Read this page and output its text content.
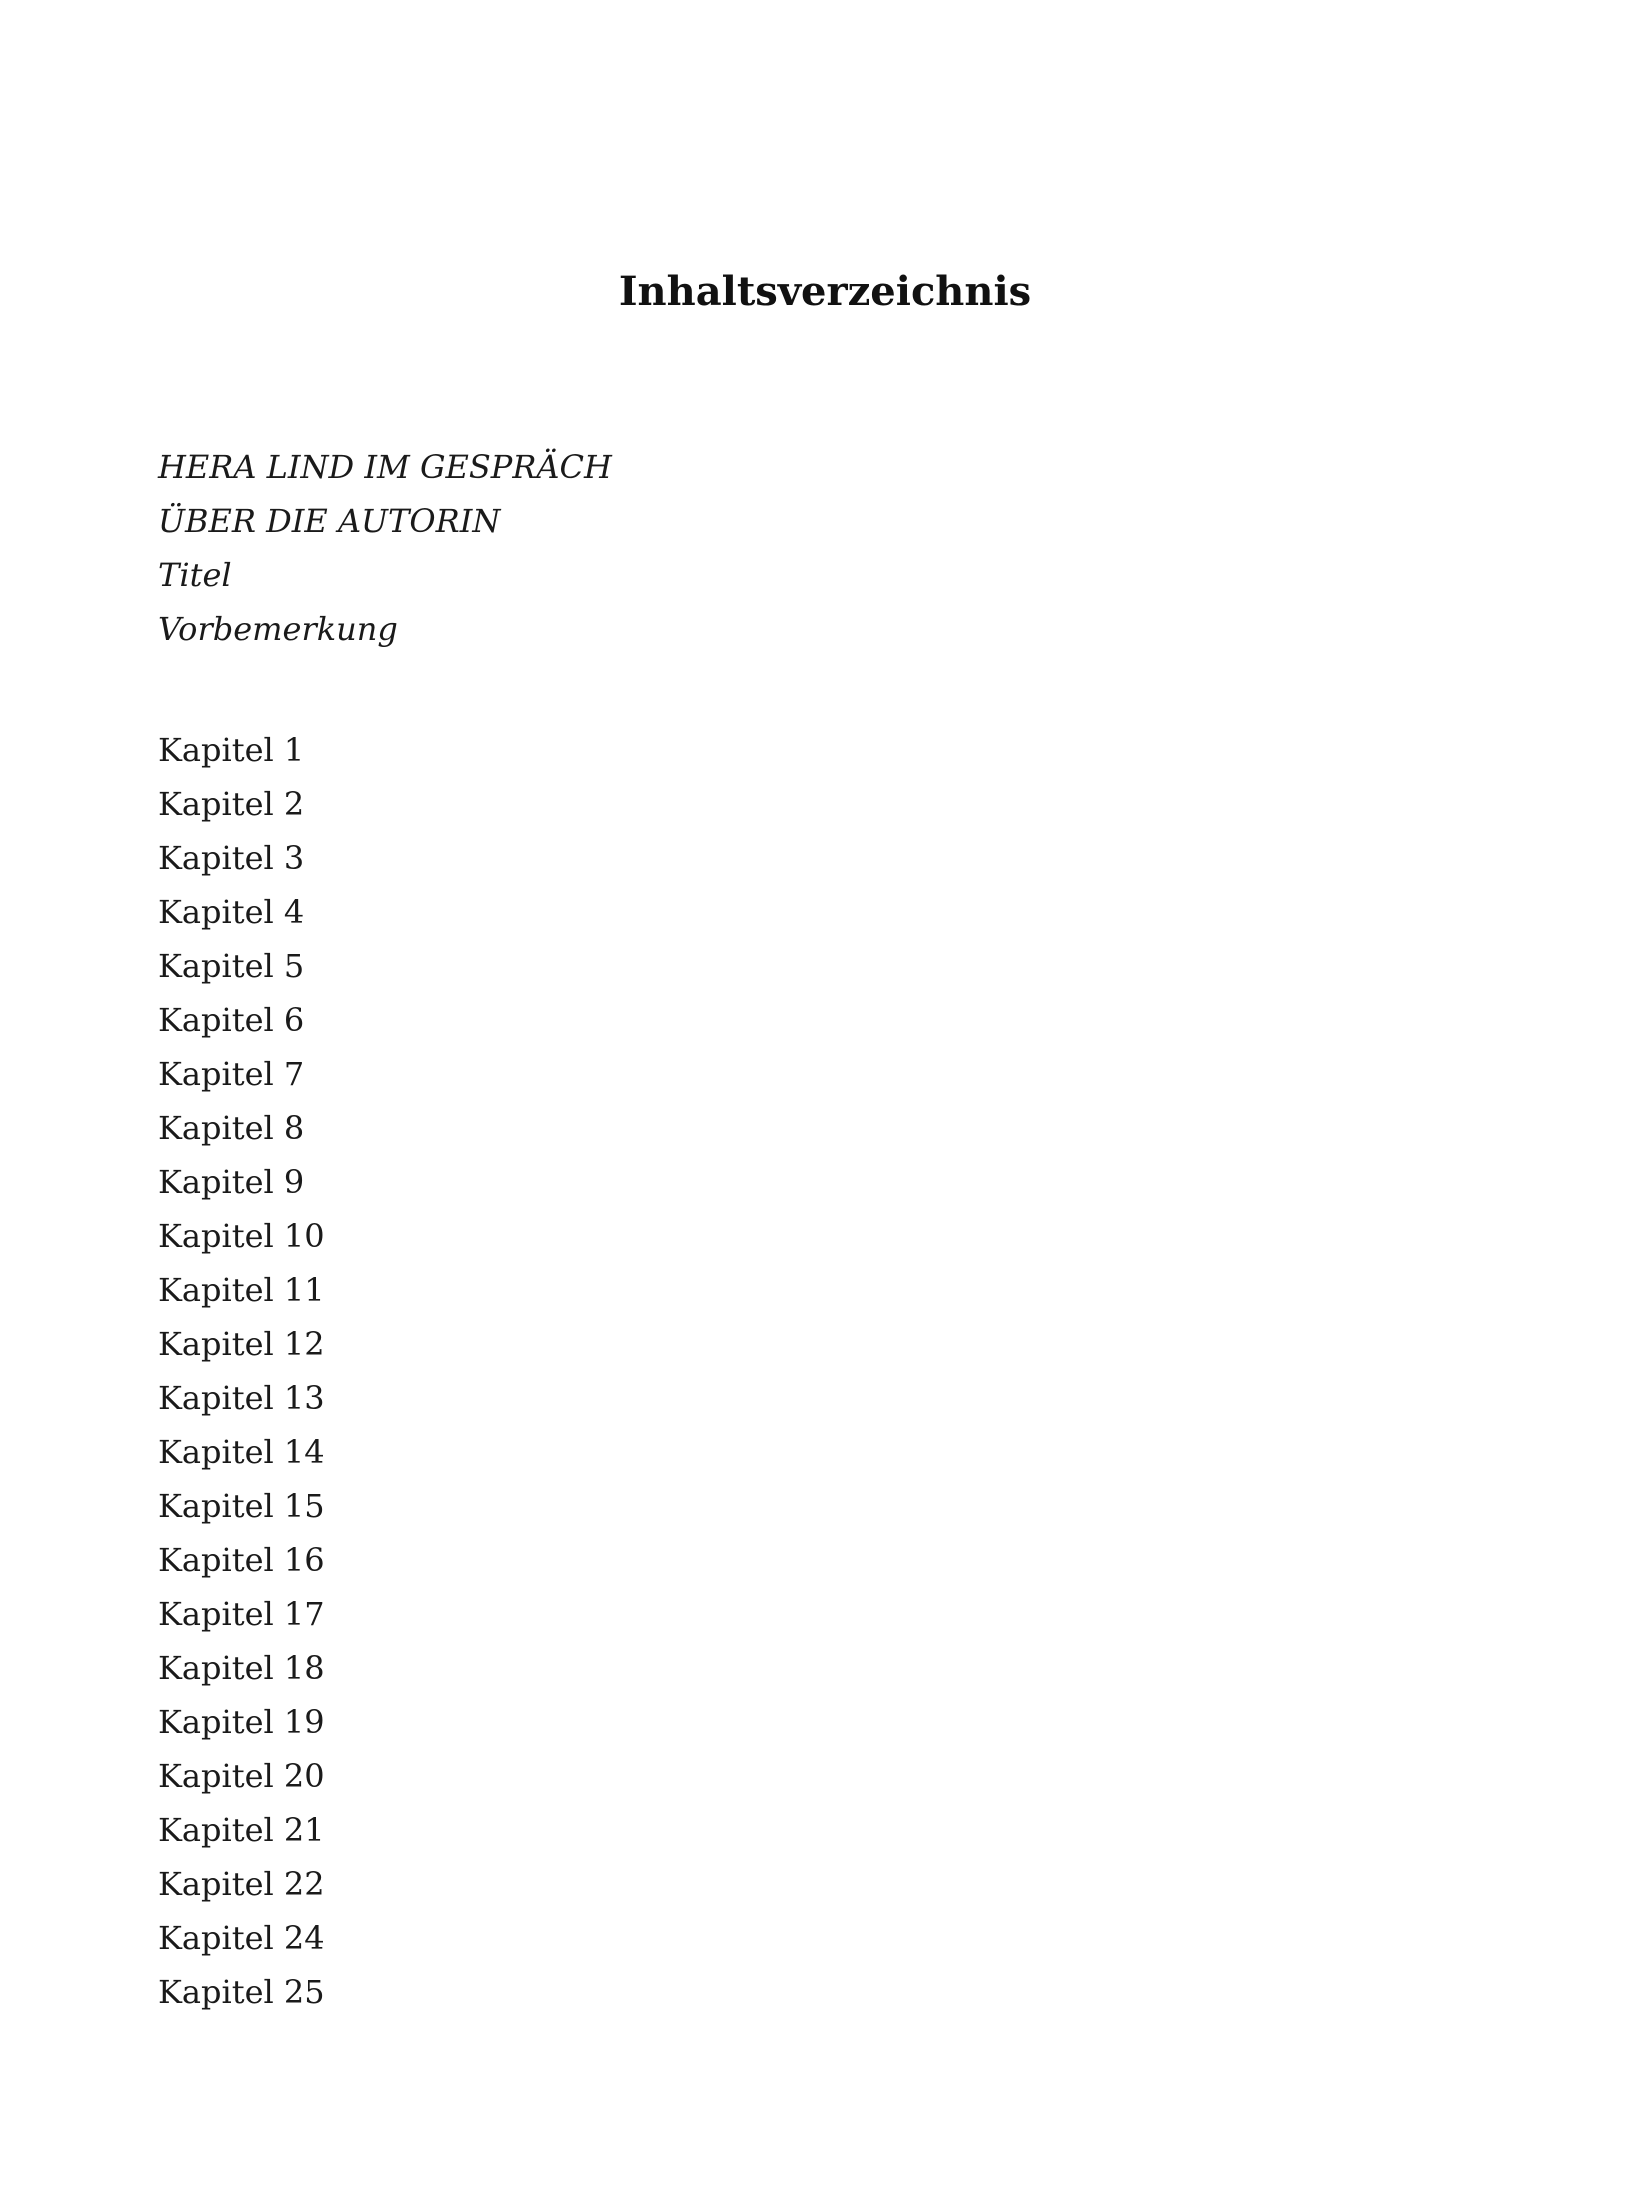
Inhaltsverzeichnis
HERA LIND IM GESPRÄCH
ÜBER DIE AUTORIN
Titel
Vorbemerkung
Kapitel 1
Kapitel 2
Kapitel 3
Kapitel 4
Kapitel 5
Kapitel 6
Kapitel 7
Kapitel 8
Kapitel 9
Kapitel 10
Kapitel 11
Kapitel 12
Kapitel 13
Kapitel 14
Kapitel 15
Kapitel 16
Kapitel 17
Kapitel 18
Kapitel 19
Kapitel 20
Kapitel 21
Kapitel 22
Kapitel 24
Kapitel 25
